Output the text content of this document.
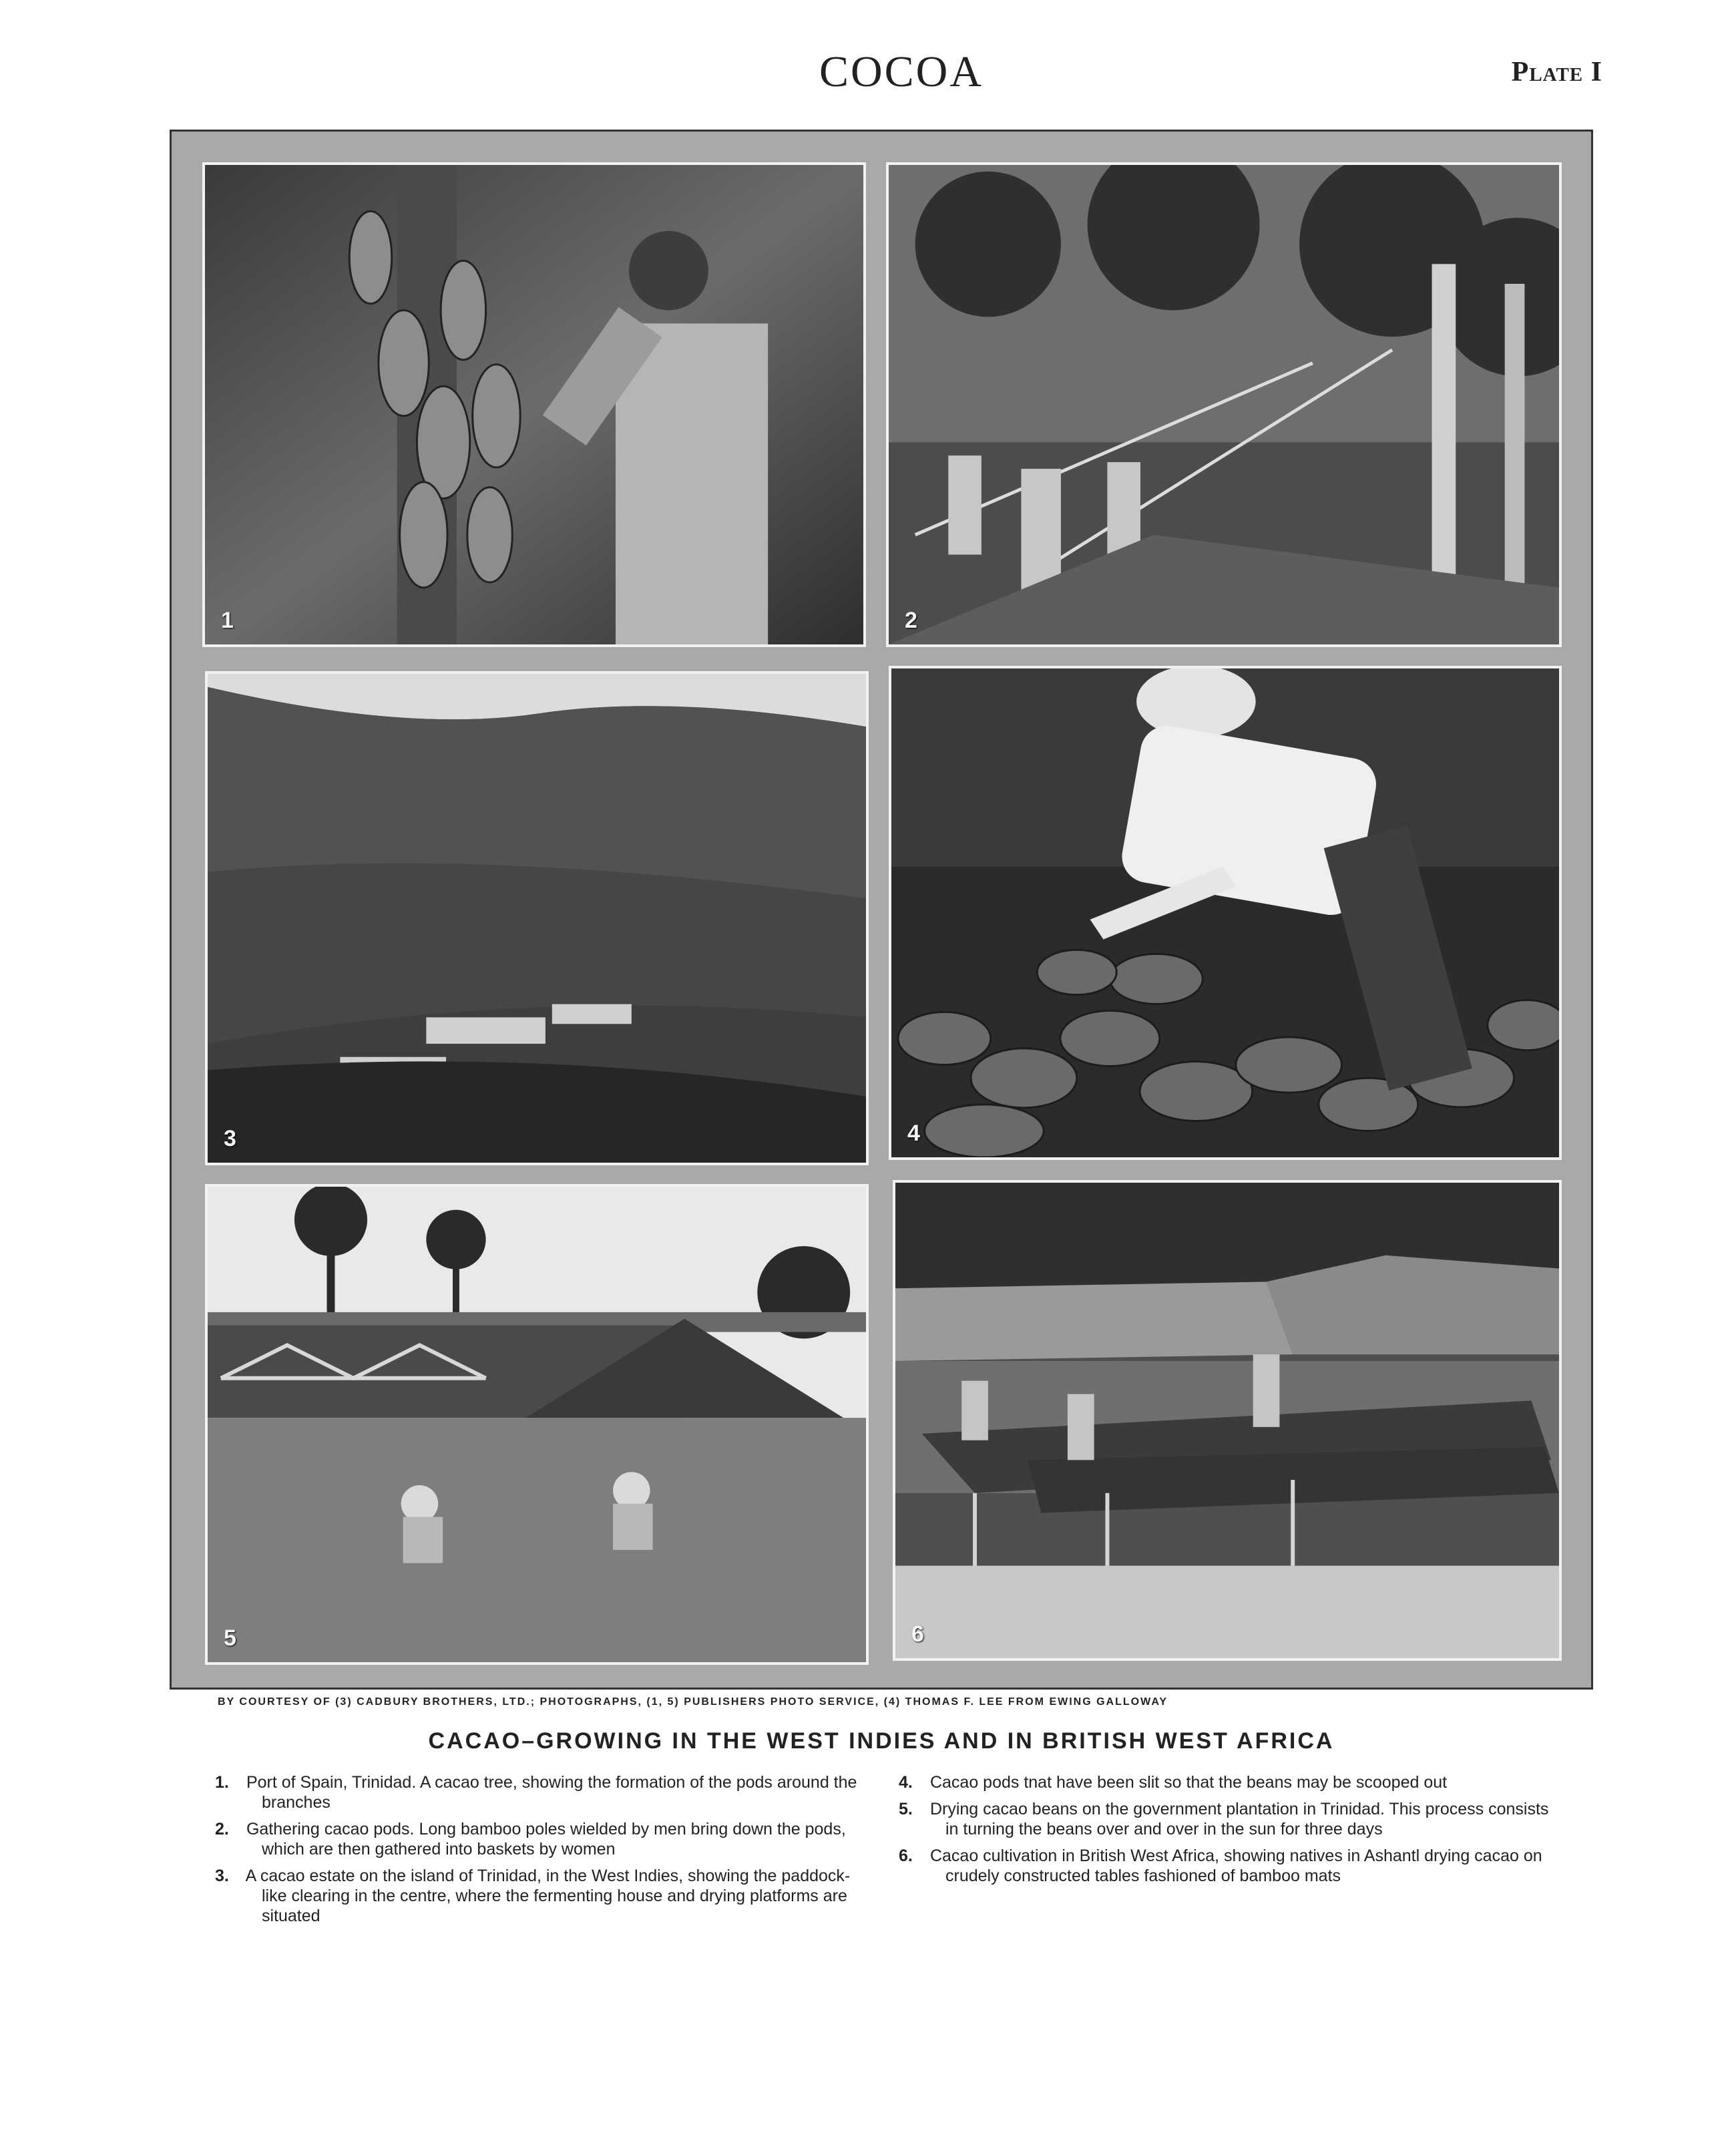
COCOA	Plate I
1	2
3	4
5	6
BY COURTESY OF (3) CADBURY BROTHERS, LTD.; PHOTOGRAPHS, (1, 5) PUBLISHERS PHOTO SERVICE, (4) THOMAS F. LEE FROM EWING GALLOWAY
CACAO–GROWING IN THE WEST INDIES AND IN BRITISH WEST AFRICA
1. Port of Spain, Trinidad. A cacao tree, showing the formation of the pods around the branches
2. Gathering cacao pods. Long bamboo poles wielded by men bring down the pods, which are then gathered into baskets by women
3. A cacao estate on the island of Trinidad, in the West Indies, showing the paddock-like clearing in the centre, where the fermenting house and drying platforms are situated
4. Cacao pods tnat have been slit so that the beans may be scooped out
5. Drying cacao beans on the government plantation in Trinidad. This process consists in turning the beans over and over in the sun for three days
6. Cacao cultivation in British West Africa, showing natives in Ashantl drying cacao on crudely constructed tables fashioned of bamboo mats
